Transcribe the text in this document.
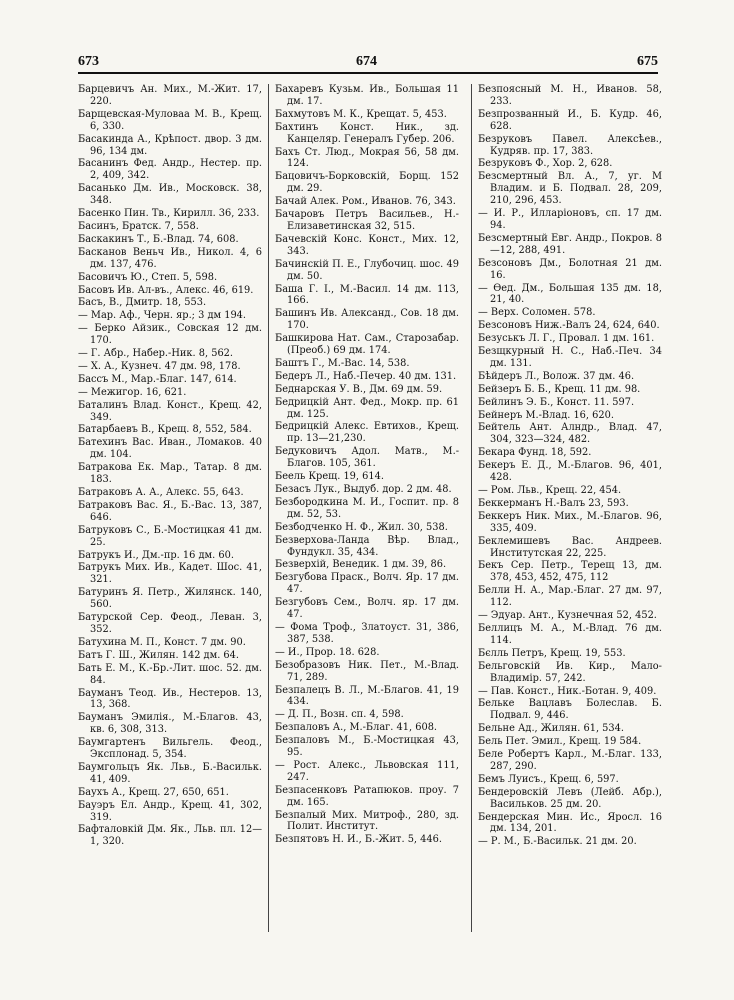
673	674	675
Барцевичъ Ан. Мих., М.-Жит. 17, 220.
Барщевская-Муловаа М. В., Крещ. 6, 330.
Басакинда А., Крѣпост. двор. 3 дм. 96, 134 дм.
Басанинъ Фед. Андр., Нестер. пр. 2, 409, 342.
Басанько Дм. Ив., Московск. 38, 348.
Басенко Пин. Тв., Кирилл. 36, 233.
Басинъ, Братск. 7, 558.
Баскакинъ Т., Б.-Влад. 74, 608.
Басканов Веньч Ив., Никол. 4, 6 дм. 137, 476.
Басовичъ Ю., Степ. 5, 598.
Басовъ Ив. Ал-въ., Алекс. 46, 619.
Басъ, В., Дмитр. 18, 553.
— Мар. Аф., Черн. яр.; 3 дм 194.
— Берко Айзик., Совская 12 дм. 170.
— Г. Абр., Набер.-Ник. 8, 562.
— Х. А., Кузнеч. 47 дм. 98, 178.
Бассъ М., Мар.-Благ. 147, 614.
— Межигор. 16, 621.
Баталинъ Влад. Конст., Крещ. 42, 349.
Батарбаевъ В., Крещ. 8, 552, 584.
Батехинъ Вас. Иван., Ломаков. 40 дм. 104.
Батракова Ек. Мар., Татар. 8 дм. 183.
Батраковъ А. А., Алекс. 55, 643.
Батраковъ Вас. Я., Б.-Вас. 13, 387, 646.
Батруковъ С., Б.-Мостицкая 41 дм. 25.
Батрукъ И., Дм.-пр. 16 дм. 60.
Батрукъ Мих. Ив., Кадет. Шос. 41, 321.
Батуринъ Я. Петр., Жилянск. 140, 560.
Батурской Сер. Феод., Леван. 3, 352.
Батухина М. П., Конст. 7 дм. 90.
Батъ Г. Ш., Жилян. 142 дм. 64.
Бать Е. М., К.-Бр.-Лит. шос. 52. дм. 84.
Бауманъ Теод. Ив., Нестеров. 13, 13, 368.
Бауманъ Эмилія., М.-Благов. 43, кв. 6, 308, 313.
Баумгартенъ Вильгель. Феод., Эксплонад. 5, 354.
Баумгольцъ Як. Льв., Б.-Васильк. 41, 409.
Баухъ А., Крещ. 27, 650, 651.
Бауэръ Ел. Андр., Крещ. 41, 302, 319.
Бафталовкій Дм. Як., Льв. пл. 12—1, 320.
Бахаревъ Кузьм. Ив., Большая 11 дм. 17.
Бахмутовъ М. К., Крещат. 5, 453.
Бахтинъ Конст. Ник., зд. Канцеляр. Генералъ Губер. 206.
Бахъ Ст. Люд., Мокрая 56, 58 дм. 124.
Бацовичъ-Борковскій, Борщ. 152 дм. 29.
Бачай Алек. Ром., Иванов. 76, 343.
Бачаровъ Петръ Васильев., Н.-Елизаветинская 32, 515.
Бачевскій Конс. Конст., Мих. 12, 343.
Бачинскій П. Е., Глубочиц. шос. 49 дм. 50.
Баша Г. І., М.-Васил. 14 дм. 113, 166.
Башинъ Ив. Александ., Сов. 18 дм. 170.
Башкирова Нат. Сам., Старозабар. (Преоб.) 69 дм. 174.
Баштъ Г., М.-Вас. 14, 538.
Бедеръ Л., Наб.-Печер. 40 дм. 131.
Беднарская У. В., Дм. 69 дм. 59.
Бедрицкій Ант. Фед., Мокр. пр. 61 дм. 125.
Бедрицкій Алекс. Евтихов., Крещ. пр. 13—21,230.
Бедуковичъ Адол. Матв., М.-Благов. 105, 361.
Беель Крещ. 19, 614.
Безасъ Лук., Выдуб. дор. 2 дм. 48.
Безбородкина М. И., Госпит. пр. 8 дм. 52, 53.
Безбодченко Н. Ф., Жил. 30, 538.
Безверхова-Ланда Вѣр. Влад., Фундукл. 35, 434.
Безверхій, Венедик. 1 дм. 39, 86.
Безгубова Праск., Волч. Яр. 17 дм. 47.
Безгубовъ Сем., Волч. яр. 17 дм. 47.
— Фома Троф., Златоуст. 31, 386, 387, 538.
— И., Прор. 18. 628.
Безобразовъ Ник. Пет., М.-Влад. 71, 289.
Безпалецъ В. Л., М.-Благов. 41, 19 434.
— Д. П., Возн. сп. 4, 598.
Безпаловъ А., М.-Благ. 41, 608.
Безпаловъ М., Б.-Мостицкая 43, 95.
— Рост. Алекс., Львовская 111, 247.
Безпасенковъ Ратапюков. проу. 7 дм. 165.
Безпалый Мих. Митроф., 280, зд. Полит. Институт.
Безпятовъ Н. И., Б.-Жит. 5, 446.
Безпоясный М. Н., Иванов. 58, 233.
Безпрозванный И., Б. Кудр. 46, 628.
Безруковъ Павел. Алексѣев., Кудряв. пр. 17, 383.
Безруковъ Ф., Хор. 2, 628.
Безсмертный Вл. А., 7, уг. М Владим. и Б. Подвал. 28, 209, 210, 296, 453.
— И. Р., Илларіоновъ, сп. 17 дм. 94.
Безсмертный Евг. Андр., Покров. 8—12, 288, 491.
Безсоновъ Дм., Болотная 21 дм. 16.
— Ѳед. Дм., Большая 135 дм. 18, 21, 40.
— Верх. Соломен. 578.
Безсоновъ Ниж.-Валъ 24, 624, 640.
Безуськъ Л. Г., Провал. 1 дм. 161.
Безщкурный Н. С., Наб.-Печ. 34 дм. 131.
Бѣйдеръ Л., Волож. 37 дм. 46.
Бейзеръ Б. Б., Крещ. 11 дм. 98.
Бейлинъ Э. Б., Конст. 11. 597.
Бейнеръ М.-Влад. 16, 620.
Бейтель Ант. Алндр., Влад. 47, 304, 323—324, 482.
Бекара Фунд. 18, 592.
Бекеръ Е. Д., М.-Благов. 96, 401, 428.
— Ром. Льв., Крещ. 22, 454.
Беккерманъ Н.-Валъ 23, 593.
Беккеръ Ник. Мих., М.-Благов. 96, 335, 409.
Беклемишевъ Вас. Андреев. Институтская 22, 225.
Бекъ Сер. Петр., Терещ 13, дм. 378, 453, 452, 475, 112
Белли Н. А., Мар.-Благ. 27 дм. 97, 112.
— Эдуар. Ант., Кузнечная 52, 452.
Беллицъ М. А., М.-Влад. 76 дм. 114.
Бєлль Петръ, Крещ. 19, 553.
Бельговскій Ив. Кир., Мало-Владимір. 57, 242.
— Пав. Конст., Ник.-Ботан. 9, 409.
Бельке Вацлавъ Болеслав. Б. Подвал. 9, 446.
Бельне Ад., Жилян. 61, 534.
Бель Пет. Эмил., Крещ. 19 584.
Беле Робертъ Карл., М.-Благ. 133, 287, 290.
Бемъ Луисъ., Крещ. 6, 597.
Бендеровскій Левъ (Лейб. Абр.), Васильков. 25 дм. 20.
Бендерская Мин. Ис., Яросл. 16 дм. 134, 201.
— Р. М., Б.-Васильк. 21 дм. 20.
